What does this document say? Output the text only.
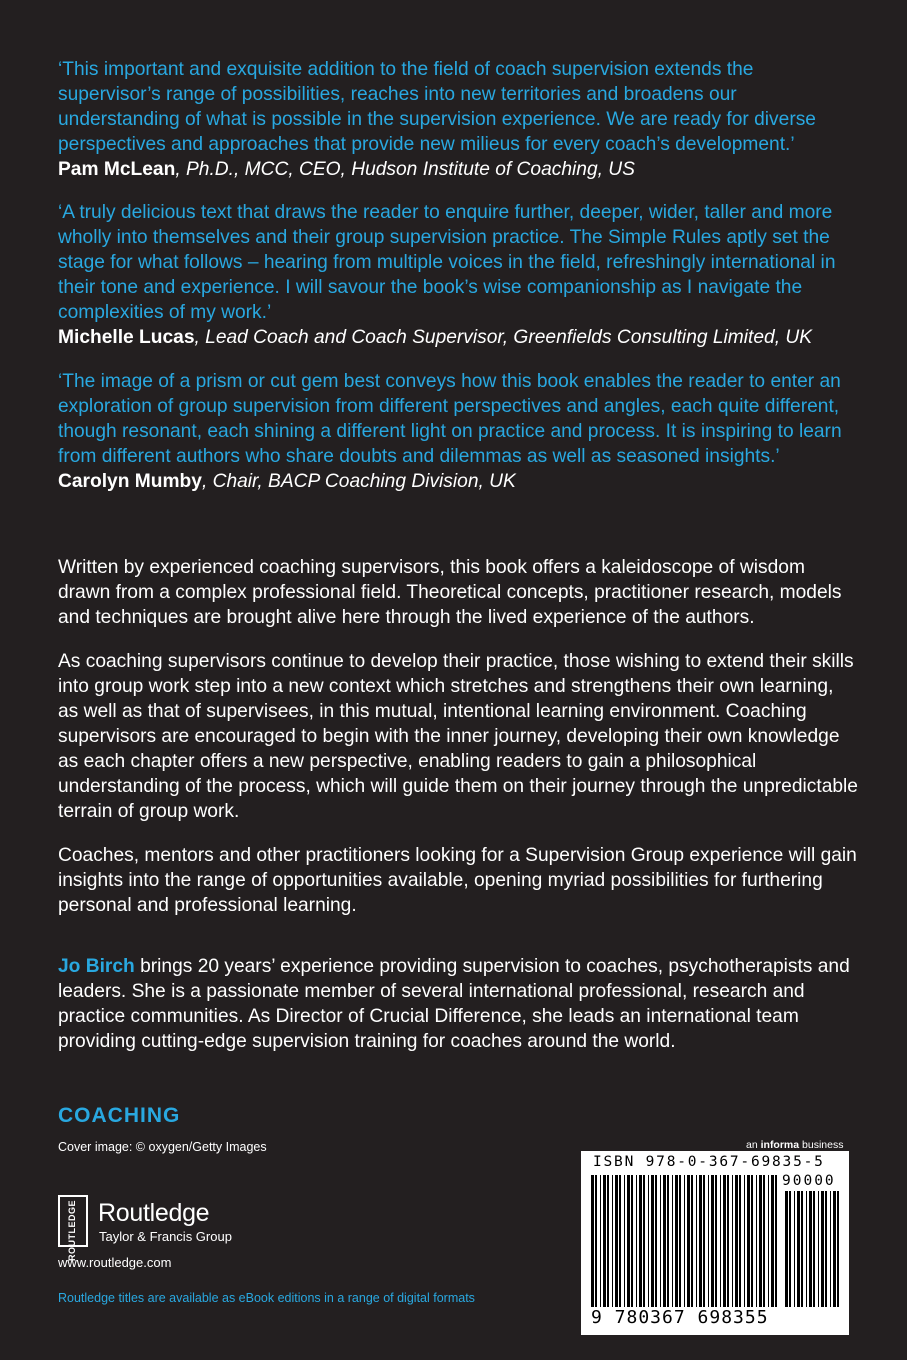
‘This important and exquisite addition to the field of coach supervision extends the supervisor’s range of possibilities, reaches into new territories and broadens our understanding of what is possible in the supervision experience. We are ready for diverse perspectives and approaches that provide new milieus for every coach’s development.’
Pam McLean, Ph.D., MCC, CEO, Hudson Institute of Coaching, US
‘A truly delicious text that draws the reader to enquire further, deeper, wider, taller and more wholly into themselves and their group supervision practice. The Simple Rules aptly set the stage for what follows – hearing from multiple voices in the field, refreshingly international in their tone and experience. I will savour the book’s wise companionship as I navigate the complexities of my work.’
Michelle Lucas, Lead Coach and Coach Supervisor, Greenfields Consulting Limited, UK
‘The image of a prism or cut gem best conveys how this book enables the reader to enter an exploration of group supervision from different perspectives and angles, each quite different, though resonant, each shining a different light on practice and process. It is inspiring to learn from different authors who share doubts and dilemmas as well as seasoned insights.’
Carolyn Mumby, Chair, BACP Coaching Division, UK
Written by experienced coaching supervisors, this book offers a kaleidoscope of wisdom drawn from a complex professional field. Theoretical concepts, practitioner research, models and techniques are brought alive here through the lived experience of the authors.
As coaching supervisors continue to develop their practice, those wishing to extend their skills into group work step into a new context which stretches and strengthens their own learning, as well as that of supervisees, in this mutual, intentional learning environment. Coaching supervisors are encouraged to begin with the inner journey, developing their own knowledge as each chapter offers a new perspective, enabling readers to gain a philosophical understanding of the process, which will guide them on their journey through the unpredictable terrain of group work.
Coaches, mentors and other practitioners looking for a Supervision Group experience will gain insights into the range of opportunities available, opening myriad possibilities for furthering personal and professional learning.
Jo Birch brings 20 years’ experience providing supervision to coaches, psychotherapists and leaders. She is a passionate member of several international professional, research and practice communities. As Director of Crucial Difference, she leads an international team providing cutting-edge supervision training for coaches around the world.
COACHING
Cover image: © oxygen/Getty Images
ROUTLEDGE Routledge
Taylor & Francis Group
www.routledge.com
Routledge titles are available as eBook editions in a range of digital formats
an informa business
ISBN 978-0-367-69835-5
90000
9 780367 698355
